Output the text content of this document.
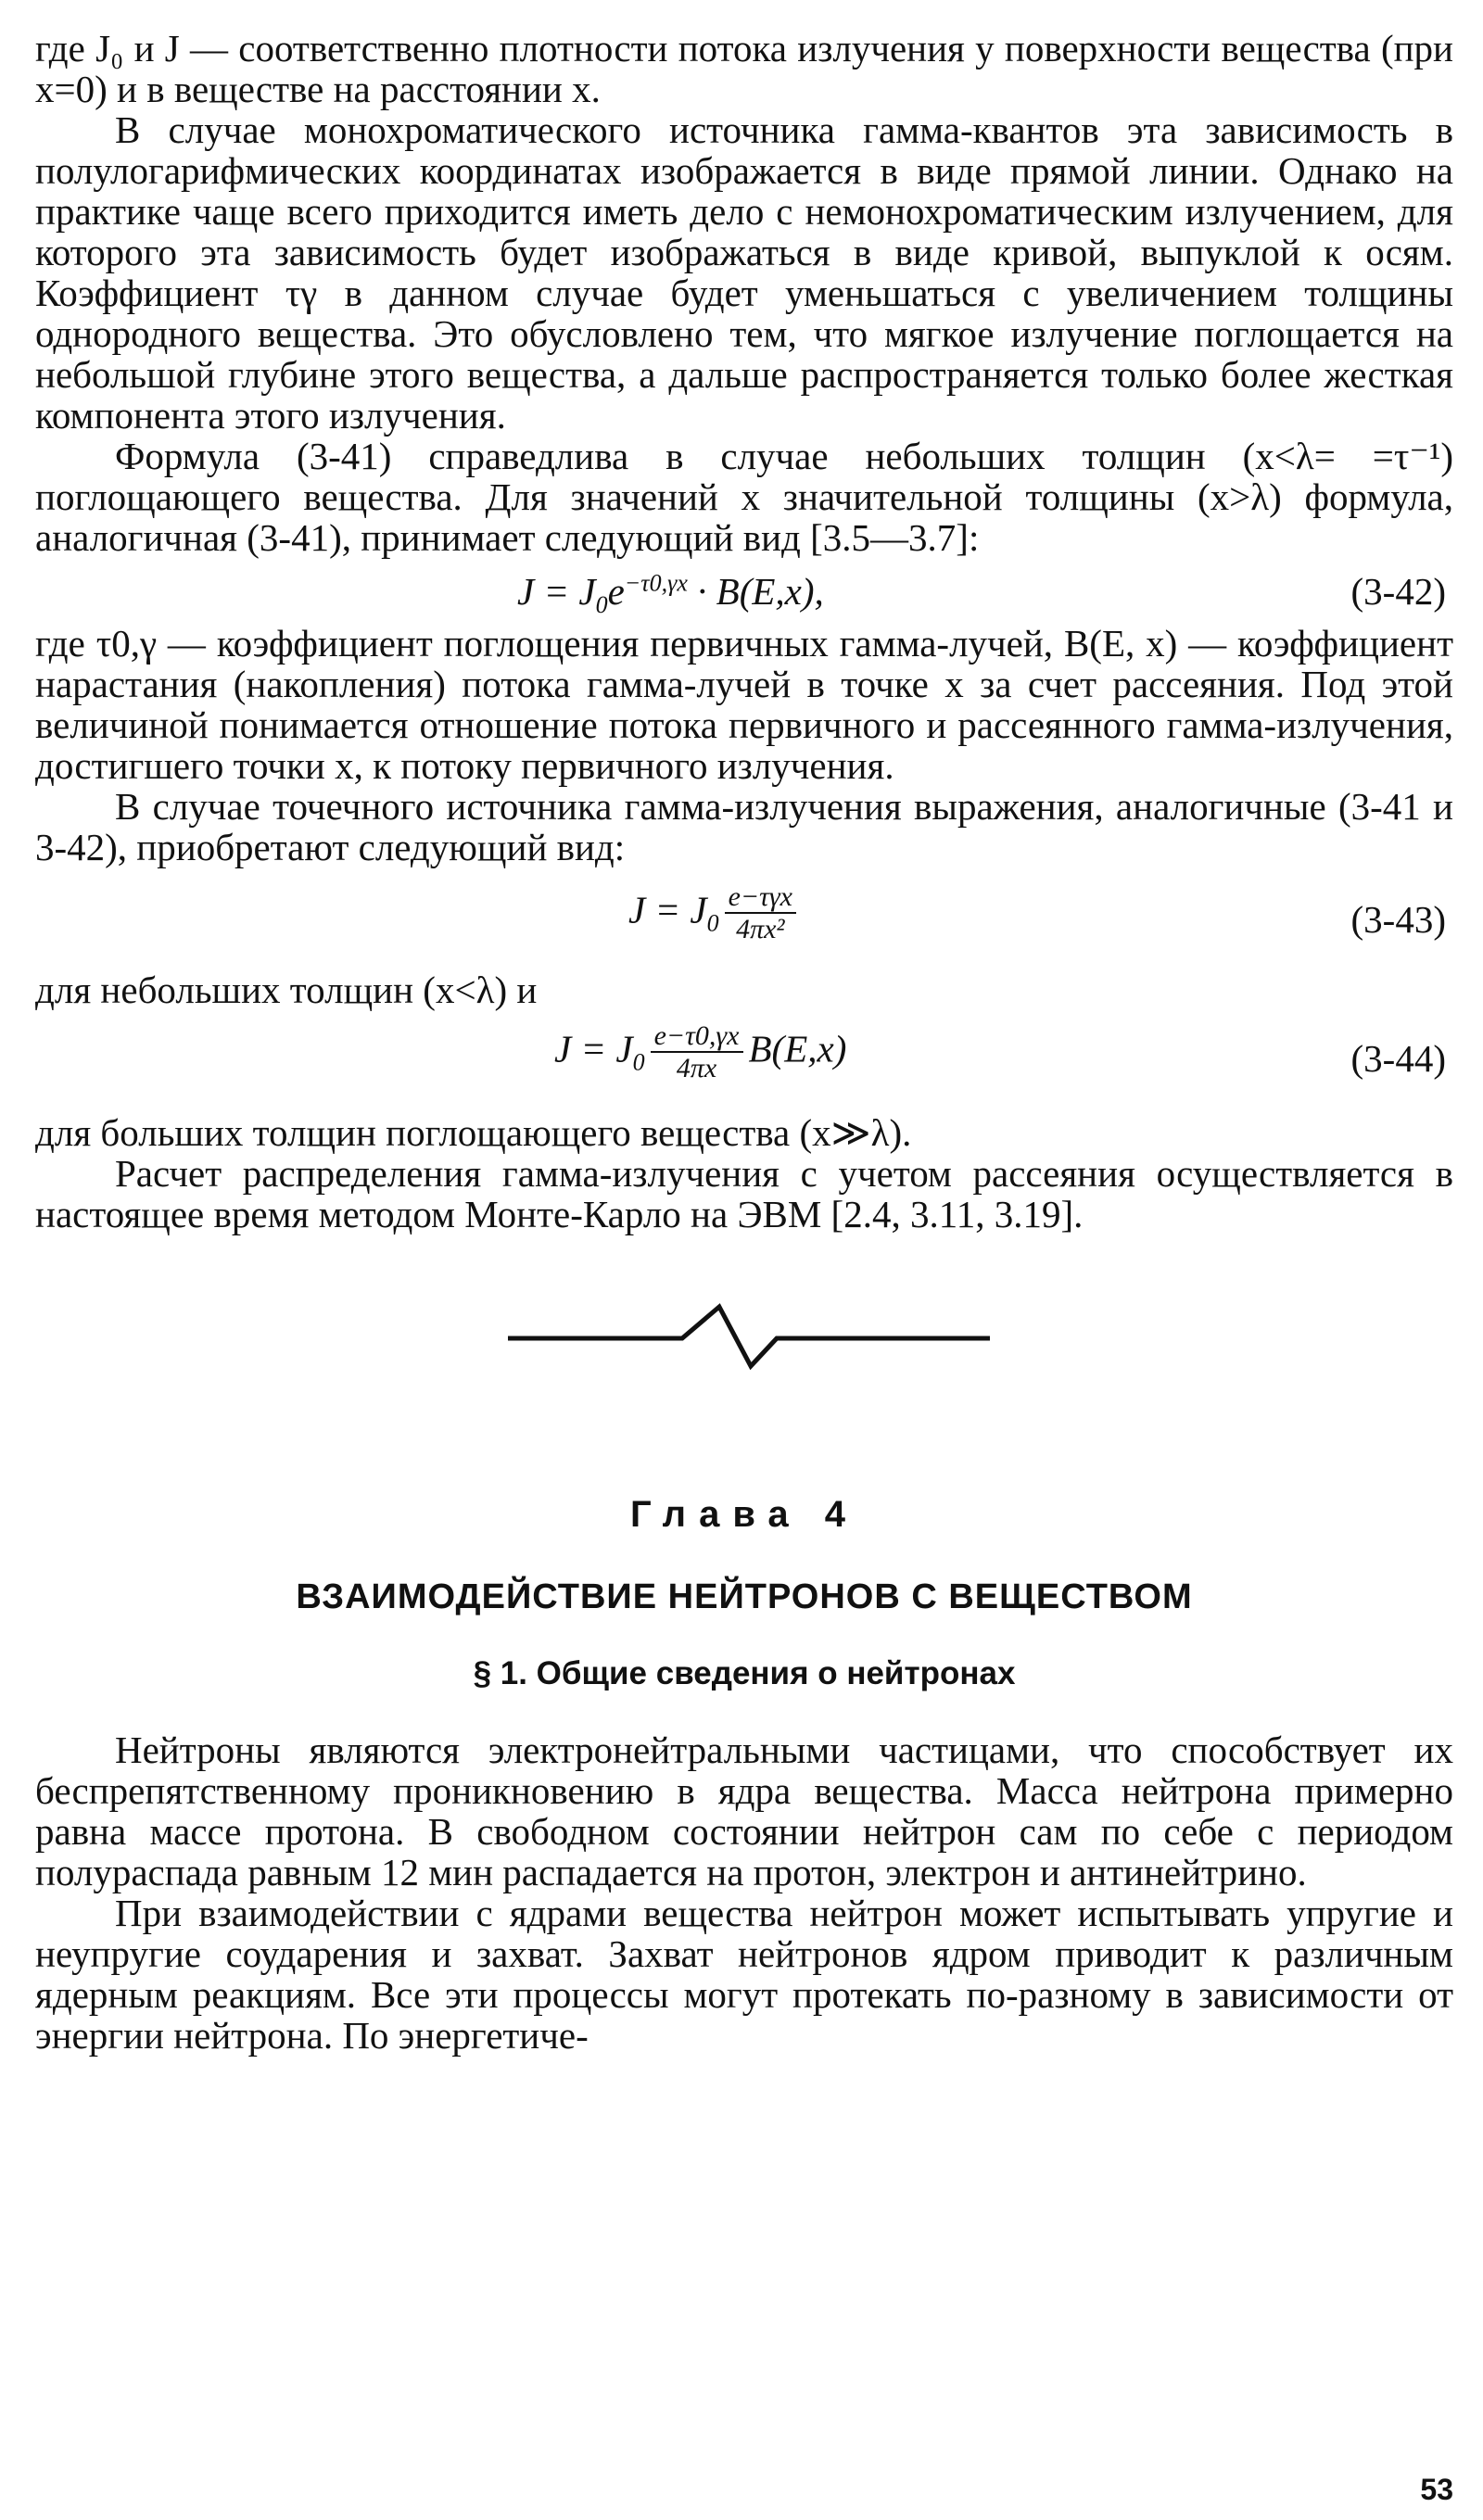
где J₀ и J — соответственно плотности потока излучения у поверхности вещества (при x=0) и в веществе на расстоянии x.

В случае монохроматического источника гамма-квантов эта зависимость в полулогарифмических координатах изображается в виде прямой линии. Однако на практике чаще всего приходится иметь дело с немонохроматическим излучением, для которого эта зависимость будет изображаться в виде кривой, выпуклой к осям. Коэффициент τγ в данном случае будет уменьшаться с увеличением толщины однородного вещества. Это обусловлено тем, что мягкое излучение поглощается на небольшой глубине этого вещества, а дальше распространяется только более жесткая компонента этого излучения.

Формула (3-41) справедлива в случае небольших толщин (x<λ= =τ⁻¹) поглощающего вещества. Для значений x значительной толщины (x>λ) формула, аналогичная (3-41), принимает следующий вид [3.5—3.7]:

$J = J_0e^{-\tau 0,\gamma x} \cdot B(E,x)$,	(3-42)

где τ0,γ — коэффициент поглощения первичных гамма-лучей, B(E, x) — коэффициент нарастания (накопления) потока гамма-лучей в точке x за счет рассеяния. Под этой величиной понимается отношение потока первичного и рассеянного гамма-излучения, достигшего точки x, к потоку первичного излучения.

В случае точечного источника гамма-излучения выражения, аналогичные (3-41 и 3-42), приобретают следующий вид:

$J = J_0 \frac{\text{e−τγx}}{\text{4πx²}}$	(3-43)

для небольших толщин (x<λ) и

$J = J_0 \frac{e-\tau 0,\gamma x}{4\pi x} B(E,x)$	(3-44)

для больших толщин поглощающего вещества (x≫λ).

Расчет распределения гамма-излучения с учетом рассеяния осуществляется в настоящее время методом Монте-Карло на ЭВМ [2.4, 3.11, 3.19].

Глава 4
ВЗАИМОДЕЙСТВИЕ НЕЙТРОНОВ С ВЕЩЕСТВОМ
§ 1. Общие сведения о нейтронах

Нейтроны являются электронейтральными частицами, что способствует их беспрепятственному проникновению в ядра вещества. Масса нейтрона примерно равна массе протона. В свободном состоянии нейтрон сам по себе с периодом полураспада равным 12 мин распадается на протон, электрон и антинейтрино.

При взаимодействии с ядрами вещества нейтрон может испытывать упругие и неупругие соударения и захват. Захват нейтронов ядром приводит к различным ядерным реакциям. Все эти процессы могут протекать по-разному в зависимости от энергии нейтрона. По энергетиче-

53
